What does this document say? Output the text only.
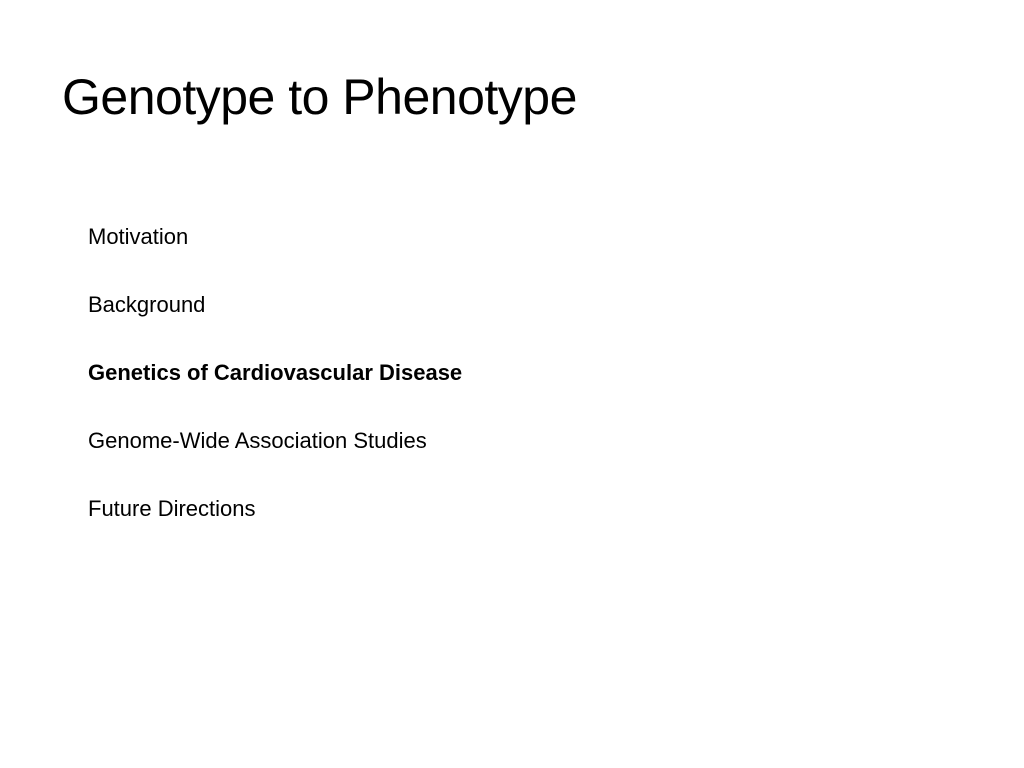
Genotype to Phenotype
Motivation
Background
Genetics of Cardiovascular Disease
Genome-Wide Association Studies
Future Directions
